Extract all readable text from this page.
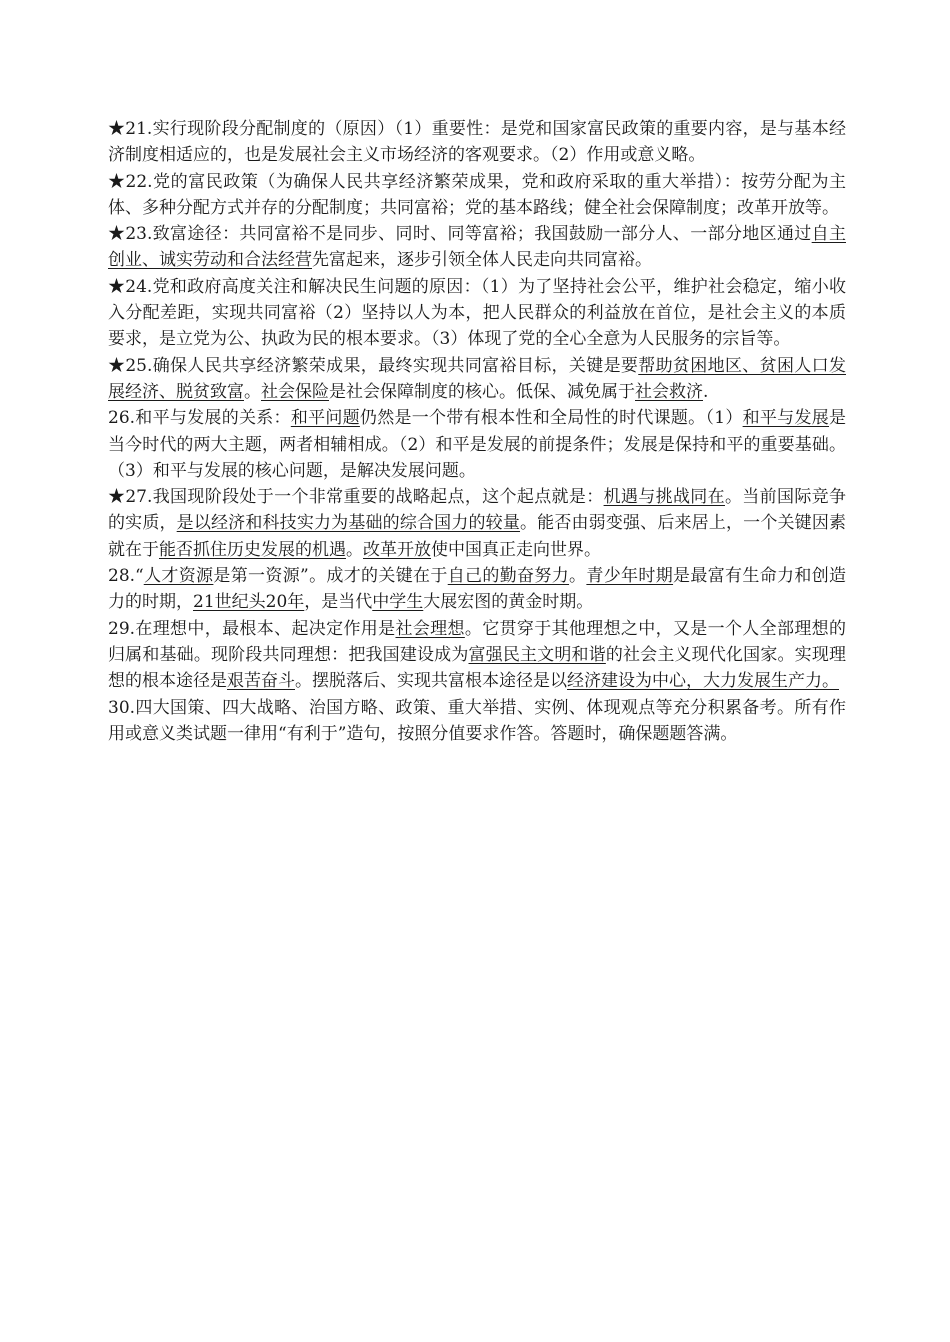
★21.实行现阶段分配制度的（原因）（1）重要性：是党和国家富民政策的重要内容，是与基本经济制度相适应的，也是发展社会主义市场经济的客观要求。（2）作用或意义略。

★22.党的富民政策（为确保人民共享经济繁荣成果，党和政府采取的重大举措）：按劳分配为主体、多种分配方式并存的分配制度；共同富裕；党的基本路线；健全社会保障制度；改革开放等。

★23.致富途径：共同富裕不是同步、同时、同等富裕；我国鼓励一部分人、一部分地区通过自主创业、诚实劳动和合法经营先富起来，逐步引领全体人民走向共同富裕。

★24.党和政府高度关注和解决民生问题的原因：（1）为了坚持社会公平，维护社会稳定，缩小收入分配差距，实现共同富裕（2）坚持以人为本，把人民群众的利益放在首位，是社会主义的本质要求，是立党为公、执政为民的根本要求。（3）体现了党的全心全意为人民服务的宗旨等。

★25.确保人民共享经济繁荣成果，最终实现共同富裕目标，关键是要帮助贫困地区、贫困人口发展经济、脱贫致富。社会保险是社会保障制度的核心。低保、减免属于社会救济.

26.和平与发展的关系：和平问题仍然是一个带有根本性和全局性的时代课题。（1）和平与发展是当今时代的两大主题，两者相辅相成。（2）和平是发展的前提条件；发展是保持和平的重要基础。（3）和平与发展的核心问题，是解决发展问题。

★27.我国现阶段处于一个非常重要的战略起点，这个起点就是：机遇与挑战同在。当前国际竞争的实质，是以经济和科技实力为基础的综合国力的较量。能否由弱变强、后来居上，一个关键因素就在于能否抓住历史发展的机遇。改革开放使中国真正走向世界。

28.“人才资源是第一资源”。成才的关键在于自己的勤奋努力。青少年时期是最富有生命力和创造力的时期，21世纪头20年，是当代中学生大展宏图的黄金时期。

29.在理想中，最根本、起决定作用是社会理想。它贯穿于其他理想之中，又是一个人全部理想的归属和基础。现阶段共同理想：把我国建设成为富强民主文明和谐的社会主义现代化国家。实现理想的根本途径是艰苦奋斗。摆脱落后、实现共富根本途径是以经济建设为中心，大力发展生产力。

30.四大国策、四大战略、治国方略、政策、重大举措、实例、体现观点等充分积累备考。所有作用或意义类试题一律用“有利于”造句，按照分值要求作答。答题时，确保题题答满。
